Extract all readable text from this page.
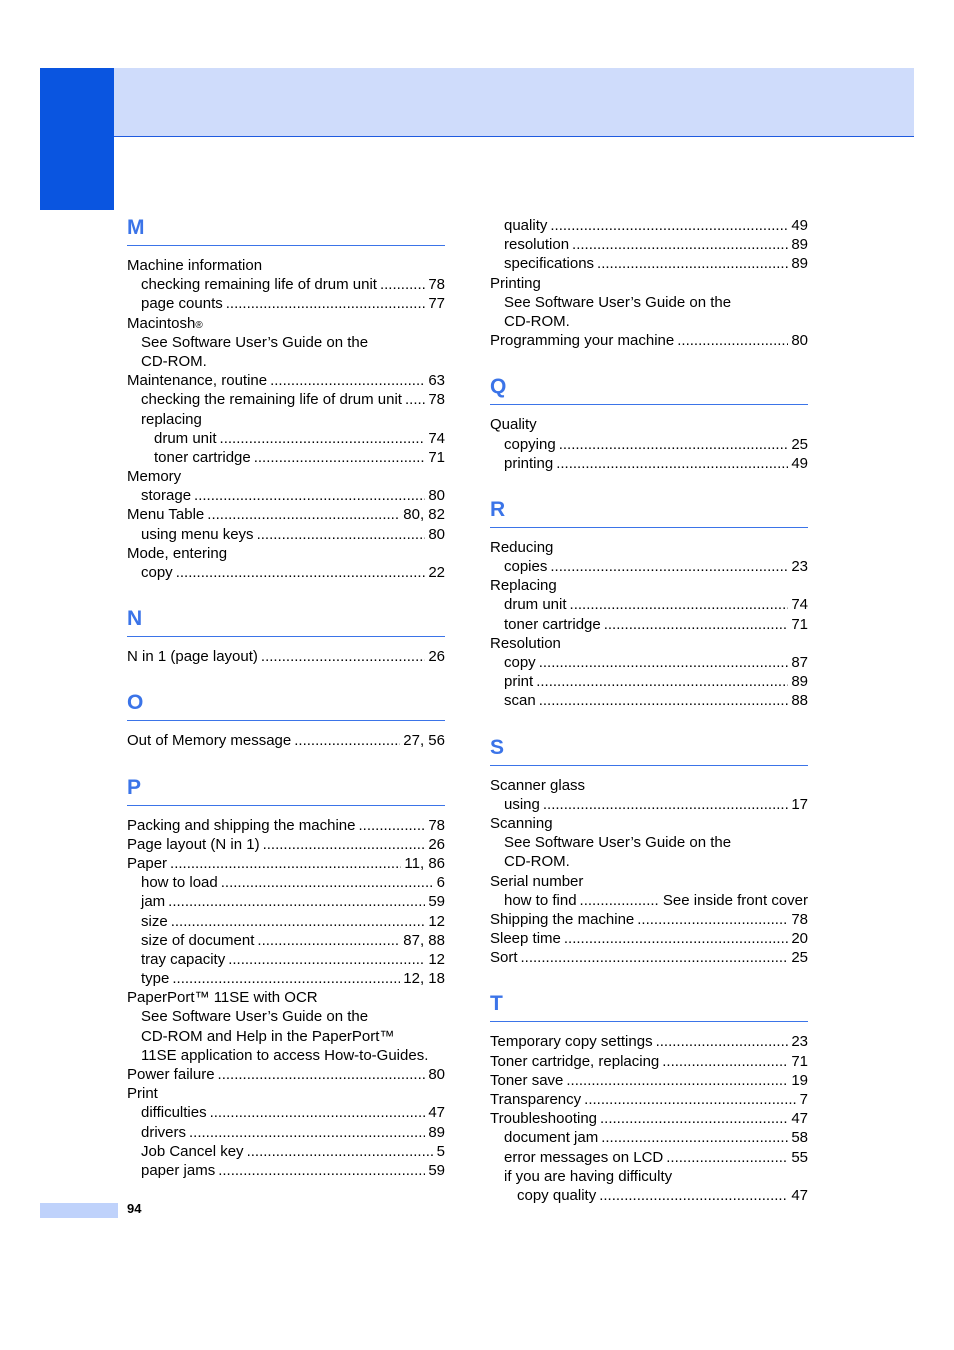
M
Machine information
checking remaining life of drum unit .....	78
page counts .....	77
Macintosh ®
See Software User’s Guide on the
CD-ROM.
Maintenance, routine .....	63
checking the remaining life of drum unit ..... 78
replacing
drum unit .....	74
toner cartridge .....	71
Memory
storage .....	80
Menu Table .....	80, 82
using menu keys .....	80
Mode, entering
copy .....	22
N
N in 1 (page layout) .....	26
O
Out of Memory message .....	27, 56
P
Packing and shipping the machine .....	78
Page layout (N in 1) .....	26
Paper .....	11, 86
how to load .....	6
jam .....	59
size .....	12
size of document .....	87, 88
tray capacity .....	12
type .....	12, 18
PaperPort™ 11SE with OCR
See Software User’s Guide on the
CD-ROM and Help in the PaperPort™
11SE application to access How-to-Guides.
Power failure .....	80
Print
difficulties .....	47
drivers .....	89
Job Cancel key .....	5
paper jams .....	59
quality .....	49
resolution .....	89
specifications .....	89
Printing
See Software User’s Guide on the
CD-ROM.
Programming your machine .....	80
Q
Quality
copying .....	25
printing .....	49
R
Reducing
copies .....	23
Replacing
drum unit .....	74
toner cartridge .....	71
Resolution
copy .....	87
print .....	89
scan .....	88
S
Scanner glass
using .....	17
Scanning
See Software User’s Guide on the
CD-ROM.
Serial number
how to find .....	See inside front cover
Shipping the machine .....	78
Sleep time .....	20
Sort .....	25
T
Temporary copy settings .....	23
Toner cartridge, replacing .....	71
Toner save .....	19
Transparency .....	7
Troubleshooting .....	47
document jam .....	58
error messages on LCD .....	55
if you are having difficulty
copy quality .....	47
94
